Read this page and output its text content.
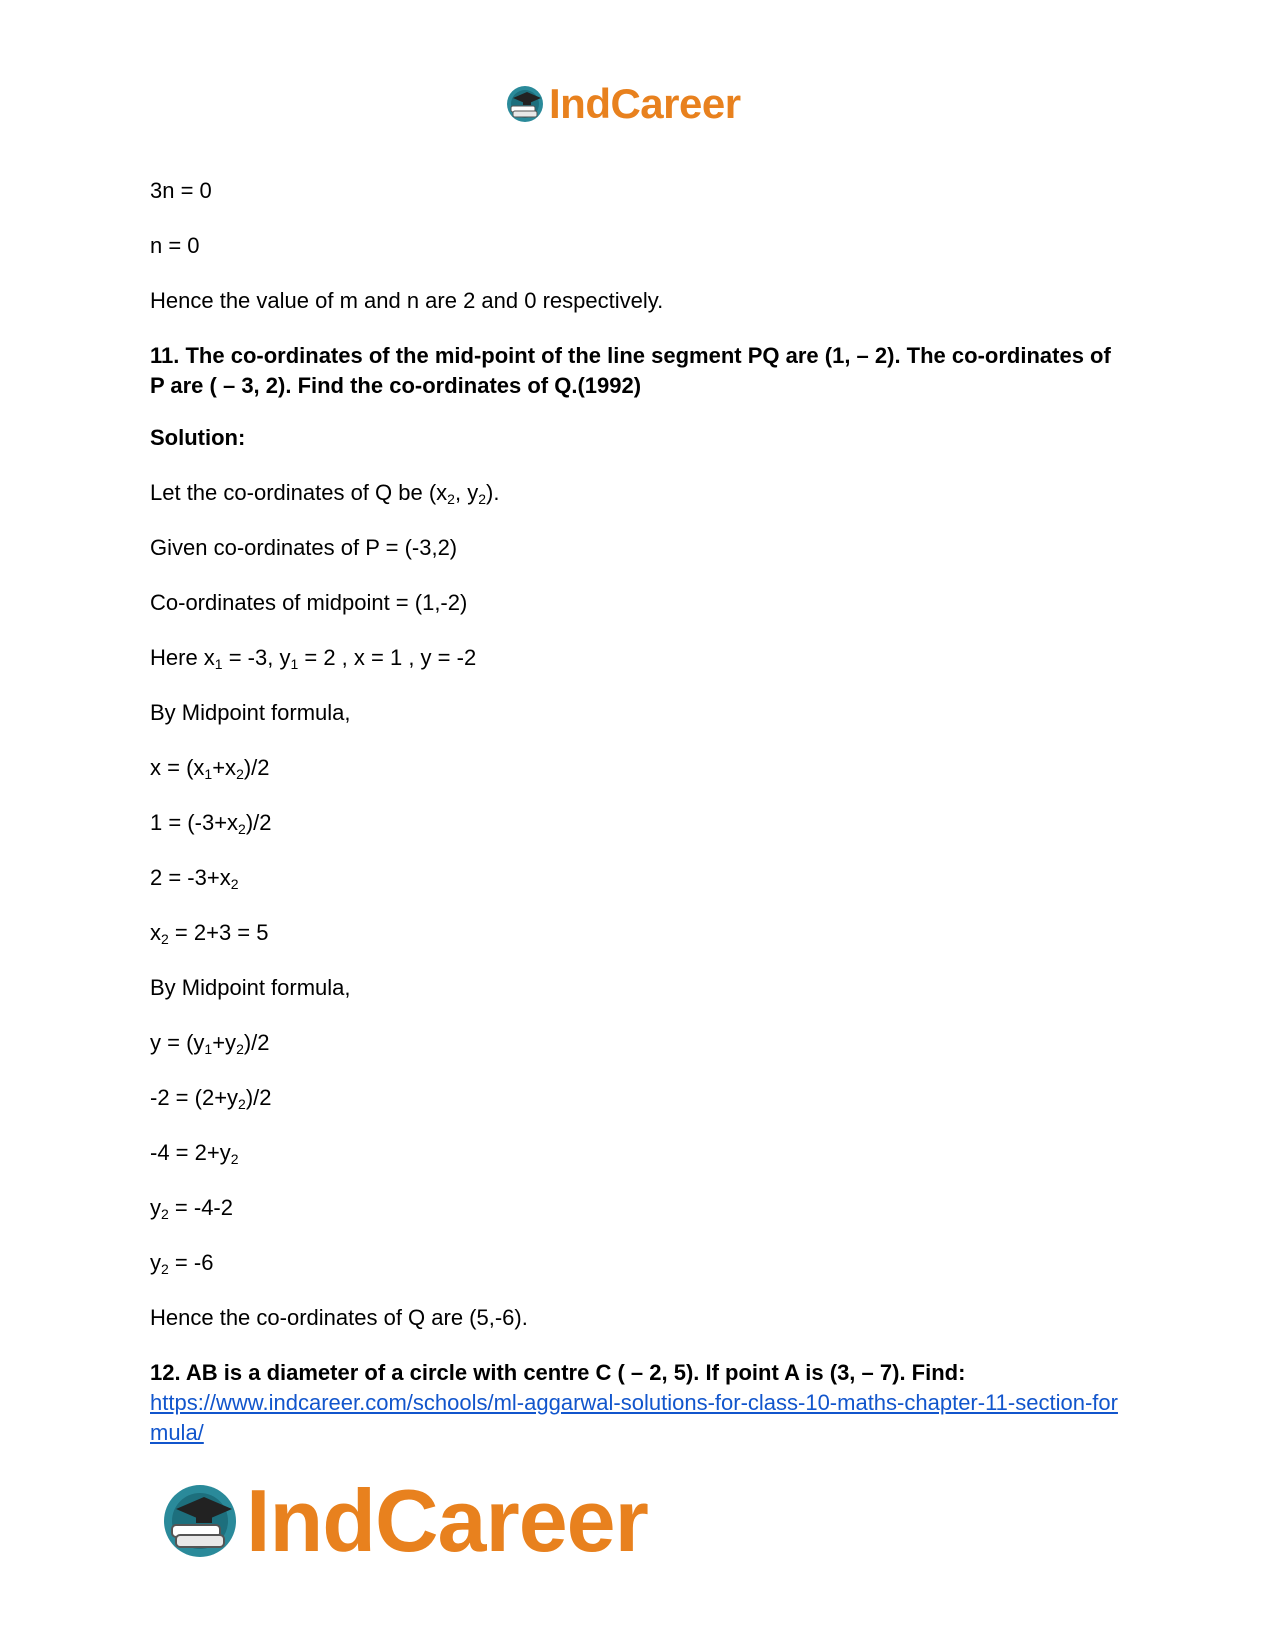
IndCareer
3n = 0
n = 0
Hence the value of m and n are 2 and 0 respectively.
11. The co-ordinates of the mid-point of the line segment PQ are (1, – 2). The co-ordinates of P are ( – 3, 2). Find the co-ordinates of Q.(1992)
Solution:
Let the co-ordinates of Q be ($x_2$, $y_2$).
Given co-ordinates of P = (-3,2)
Co-ordinates of midpoint = (1,-2)
Here $x_1 = -3$, $y_1 = 2$ , x = 1 , y = -2
By Midpoint formula,
$x = (x_1+x_2)/2$
$1 = (-3+x_2)/2$
$2 = -3+x_2$
$x_2 = 2+3 = 5$
By Midpoint formula,
$y = (y_1+y_2)/2$
$-2 = (2+y_2)/2$
$-4 = 2+y_2$
$y_2 = -4-2$
$y_2 = -6$
Hence the co-ordinates of Q are (5,-6).
12. AB is a diameter of a circle with centre C ( – 2, 5). If point A is (3, – 7). Find:
https://www.indcareer.com/schools/ml-aggarwal-solutions-for-class-10-maths-chapter-11-section-formula/
IndCareer
